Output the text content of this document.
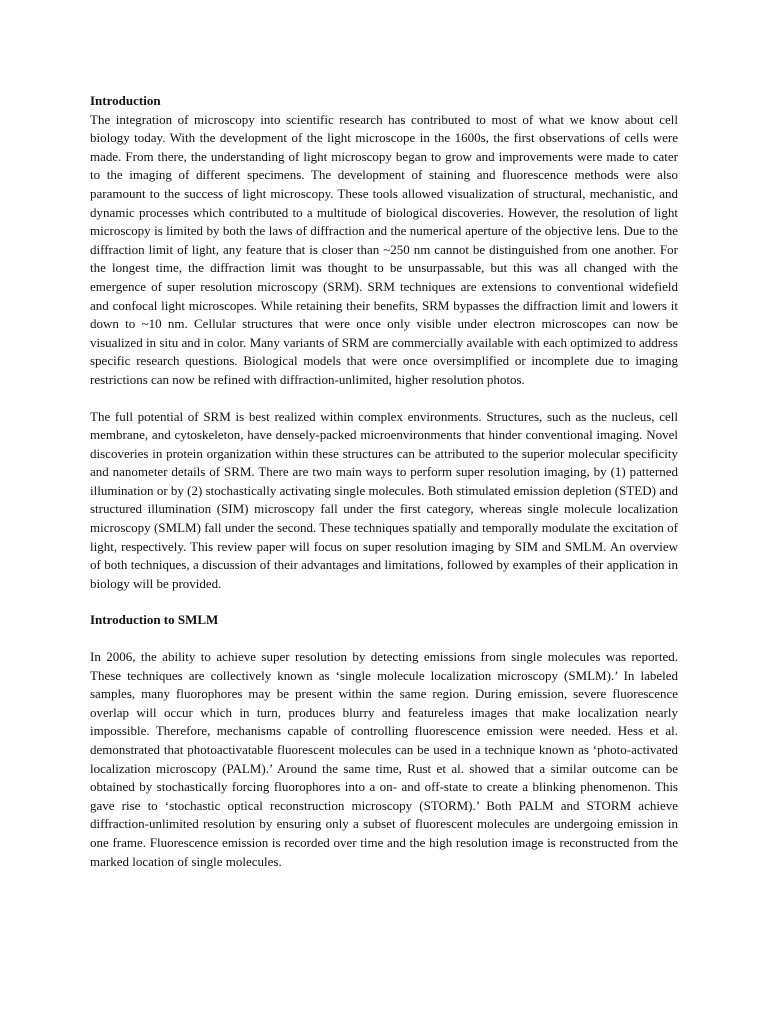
Introduction

The integration of microscopy into scientific research has contributed to most of what we know about cell biology today. With the development of the light microscope in the 1600s, the first observations of cells were made. From there, the understanding of light microscopy began to grow and improvements were made to cater to the imaging of different specimens. The development of staining and fluorescence methods were also paramount to the success of light microscopy. These tools allowed visualization of structural, mechanistic, and dynamic processes which contributed to a multitude of biological discoveries. However, the resolution of light microscopy is limited by both the laws of diffraction and the numerical aperture of the objective lens. Due to the diffraction limit of light, any feature that is closer than ~250 nm cannot be distinguished from one another. For the longest time, the diffraction limit was thought to be unsurpassable, but this was all changed with the emergence of super resolution microscopy (SRM). SRM techniques are extensions to conventional widefield and confocal light microscopes. While retaining their benefits, SRM bypasses the diffraction limit and lowers it down to ~10 nm. Cellular structures that were once only visible under electron microscopes can now be visualized in situ and in color. Many variants of SRM are commercially available with each optimized to address specific research questions. Biological models that were once oversimplified or incomplete due to imaging restrictions can now be refined with diffraction-unlimited, higher resolution photos.

The full potential of SRM is best realized within complex environments. Structures, such as the nucleus, cell membrane, and cytoskeleton, have densely-packed microenvironments that hinder conventional imaging. Novel discoveries in protein organization within these structures can be attributed to the superior molecular specificity and nanometer details of SRM. There are two main ways to perform super resolution imaging, by (1) patterned illumination or by (2) stochastically activating single molecules. Both stimulated emission depletion (STED) and structured illumination (SIM) microscopy fall under the first category, whereas single molecule localization microscopy (SMLM) fall under the second. These techniques spatially and temporally modulate the excitation of light, respectively. This review paper will focus on super resolution imaging by SIM and SMLM. An overview of both techniques, a discussion of their advantages and limitations, followed by examples of their application in biology will be provided.

Introduction to SMLM

In 2006, the ability to achieve super resolution by detecting emissions from single molecules was reported. These techniques are collectively known as ‘single molecule localization microscopy (SMLM).’ In labeled samples, many fluorophores may be present within the same region. During emission, severe fluorescence overlap will occur which in turn, produces blurry and featureless images that make localization nearly impossible. Therefore, mechanisms capable of controlling fluorescence emission were needed. Hess et al. demonstrated that photoactivatable fluorescent molecules can be used in a technique known as ‘photo-activated localization microscopy (PALM).’ Around the same time, Rust et al. showed that a similar outcome can be obtained by stochastically forcing fluorophores into a on- and off-state to create a blinking phenomenon. This gave rise to ‘stochastic optical reconstruction microscopy (STORM).’ Both PALM and STORM achieve diffraction-unlimited resolution by ensuring only a subset of fluorescent molecules are undergoing emission in one frame. Fluorescence emission is recorded over time and the high resolution image is reconstructed from the marked location of single molecules.
